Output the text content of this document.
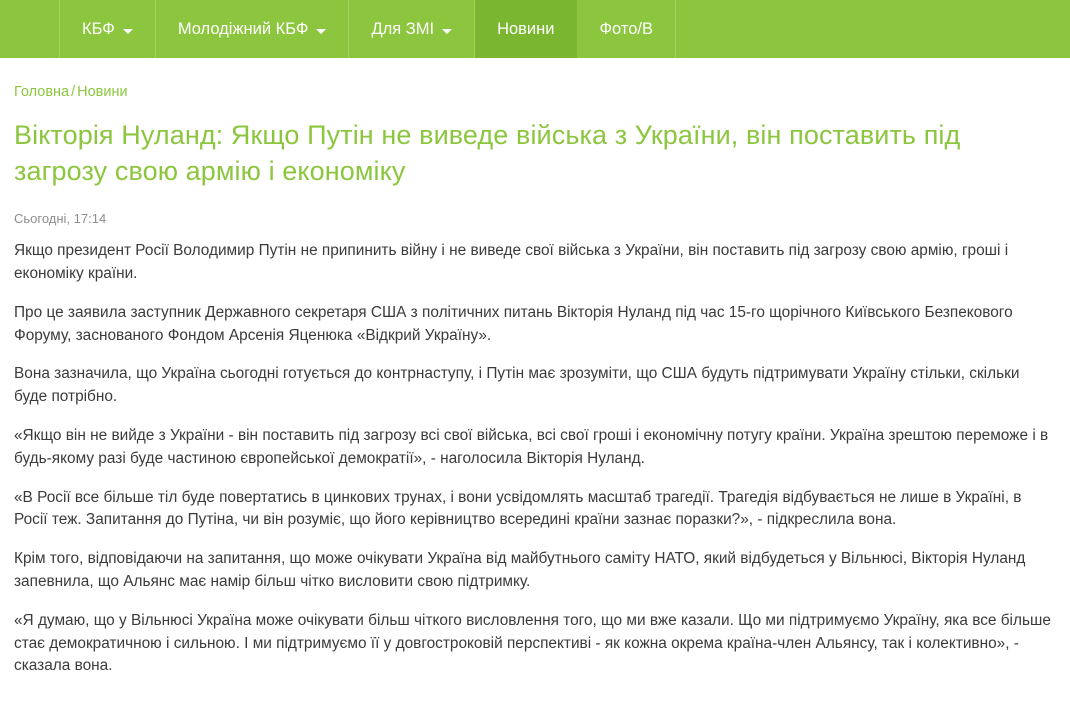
КБФ	Молодіжний КБФ	Для ЗМІ	Новини	Фото/В
Головна / Новини
Вікторія Нуланд: Якщо Путін не виведе війська з України, він поставить під загрозу свою армію і економіку
Сьогодні, 17:14

Якщо президент Росії Володимир Путін не припинить війну і не виведе свої війська з України, він поставить під загрозу свою армію, гроші і економіку країни.

Про це заявила заступник Державного секретаря США з політичних питань Вікторія Нуланд під час 15-го щорічного Київського Безпекового Форуму, заснованого Фондом Арсенія Яценюка «Відкрий Україну».

Вона зазначила, що Україна сьогодні готується до контрнаступу, і Путін має зрозуміти, що США будуть підтримувати Україну стільки, скільки буде потрібно.

«Якщо він не вийде з України - він поставить під загрозу всі свої війська, всі свої гроші і економічну потугу країни. Україна зрештою переможе і в будь-якому разі буде частиною європейської демократії», - наголосила Вікторія Нуланд.

«В Росії все більше тіл буде повертатись в цинкових трунах, і вони усвідомлять масштаб трагедії. Трагедія відбувається не лише в Україні, в Росії теж. Запитання до Путіна, чи він розуміє, що його керівництво всередині країни зазнає поразки?», - підкреслила вона.

Крім того, відповідаючи на запитання, що може очікувати Україна від майбутнього саміту НАТО, який відбудеться у Вільнюсі, Вікторія Нуланд запевнила, що Альянс має намір більш чітко висловити свою підтримку.

«Я думаю, що у Вільнюсі Україна може очікувати більш чіткого висловлення того, що ми вже казали. Що ми підтримуємо Україну, яка все більше стає демократичною і сильною. І ми підтримуємо її у довгостроковій перспективі - як кожна окрема країна-член Альянсу, так і колективно», - сказала вона.
